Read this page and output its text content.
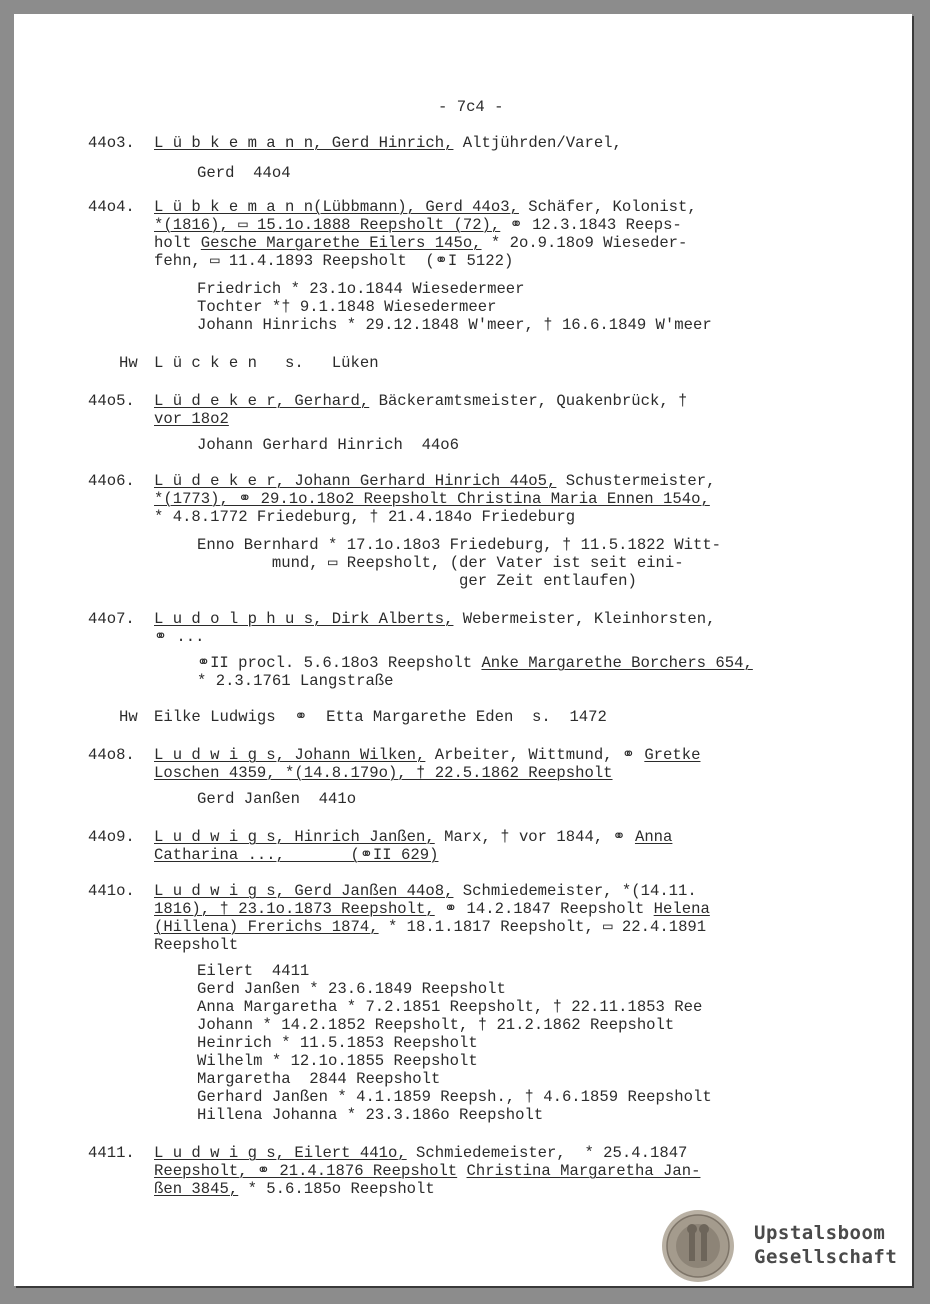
- 7c4 -
44o3. L ü b k e m a n n, Gerd Hinrich, Altjührden/Varel,
Gerd  44o4
44o4. L ü b k e m a n n(Lübbmann), Gerd 44o3, Schäfer, Kolonist,
*(1816), ▭ 15.1o.1888 Reepsholt (72), ⚭ 12.3.1843 Reeps-
holt Gesche Margarethe Eilers 145o, * 2o.9.18o9 Wieseder-
fehn, ▭ 11.4.1893 Reepsholt  (⚭I 5122)
Friedrich * 23.1o.1844 Wiesedermeer
Tochter *† 9.1.1848 Wiesedermeer
Johann Hinrichs * 29.12.1848 W'meer, † 16.6.1849 W'meer
Hw L ü c k e n   s.   Lüken
44o5. L ü d e k e r, Gerhard, Bäckeramtsmeister, Quakenbrück, †
vor 18o2
Johann Gerhard Hinrich  44o6
44o6. L ü d e k e r, Johann Gerhard Hinrich 44o5, Schustermeister,
*(1773), ⚭ 29.1o.18o2 Reepsholt Christina Maria Ennen 154o,
* 4.8.1772 Friedeburg, † 21.4.184o Friedeburg
Enno Bernhard * 17.1o.18o3 Friedeburg, † 11.5.1822 Witt-
mund, ▭ Reepsholt, (der Vater ist seit eini-
ger Zeit entlaufen)
44o7. L u d o l p h u s, Dirk Alberts, Webermeister, Kleinhorsten,
⚭ ...
⚭II procl. 5.6.18o3 Reepsholt Anke Margarethe Borchers 654,
* 2.3.1761 Langstraße
Hw Eilke Ludwigs  ⚭  Etta Margarethe Eden  s.  1472
44o8. L u d w i g s, Johann Wilken, Arbeiter, Wittmund, ⚭ Gretke
Loschen 4359, *(14.8.179o), † 22.5.1862 Reepsholt
Gerd Janßen  441o
44o9. L u d w i g s, Hinrich Janßen, Marx, † vor 1844, ⚭ Anna
Catharina ...,       (⚭II 629)
441o. L u d w i g s, Gerd Janßen 44o8, Schmiedemeister, *(14.11.
1816), † 23.1o.1873 Reepsholt, ⚭ 14.2.1847 Reepsholt Helena
(Hillena) Frerichs 1874, * 18.1.1817 Reepsholt, ▭ 22.4.1891
Reepsholt
Eilert  4411
Gerd Janßen * 23.6.1849 Reepsholt
Anna Margaretha * 7.2.1851 Reepsholt, † 22.11.1853 Ree
Johann * 14.2.1852 Reepsholt, † 21.2.1862 Reepsholt
Heinrich * 11.5.1853 Reepsholt
Wilhelm * 12.1o.1855 Reepsholt
Margaretha  2844 Reepsholt
Gerhard Janßen * 4.1.1859 Reepsh., † 4.6.1859 Reepsholt
Hillena Johanna * 23.3.186o Reepsholt
4411. L u d w i g s, Eilert 441o, Schmiedemeister,  * 25.4.1847
Reepsholt, ⚭ 21.4.1876 Reepsholt Christina Margaretha Jan-
ßen 3845, * 5.6.185o Reepsholt
Upstalsboom
Gesellschaft
